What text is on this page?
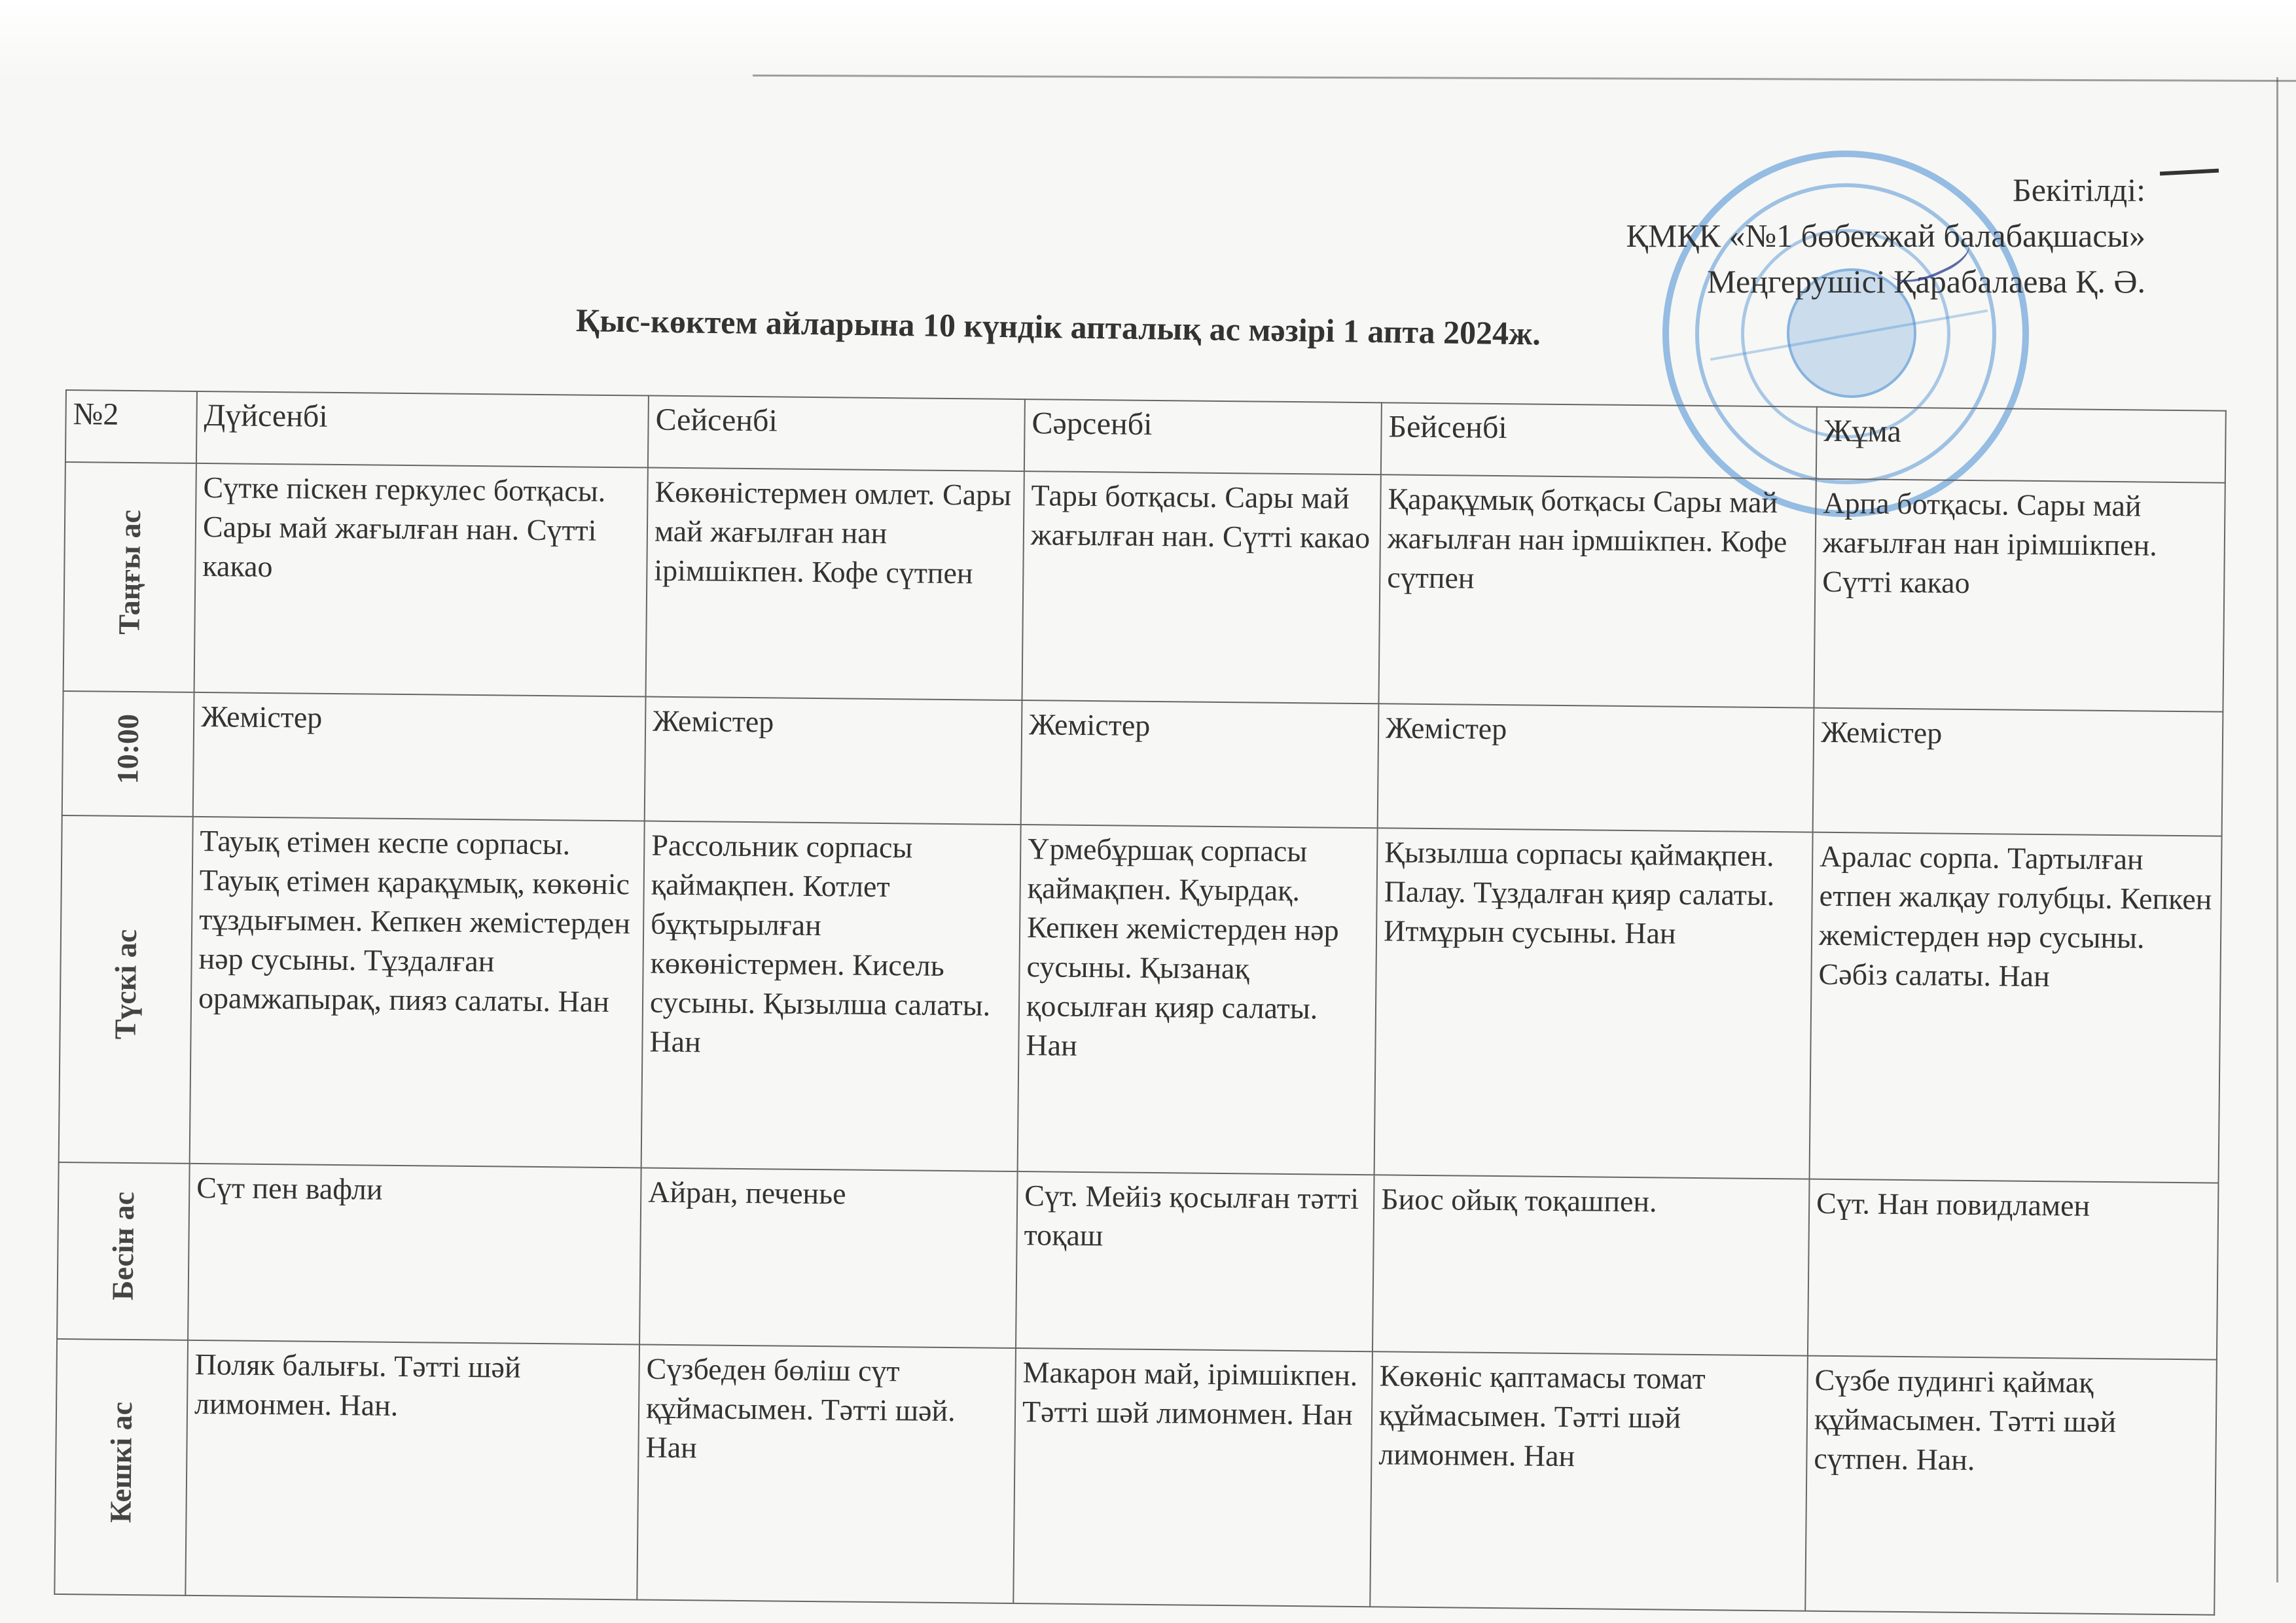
Бекітілді:
ҚМҚК «№1 бөбекжай балабақшасы»
Меңгерушісі Қарабалаева Қ. Ә.
Қыс-көктем айларына 10 күндік апталық ас мәзірі 1 апта 2024ж.
№2	Дүйсенбі	Сейсенбі	Сәрсенбі	Бейсенбі	Жұма
Таңғы ас	Сүтке піскен геркулес ботқасы. Сары май жағылған нан. Сүтті какао	Көкөністермен омлет. Сары май жағылған нан ірімшікпен. Кофе сүтпен	Тары ботқасы. Сары май жағылған нан. Сүтті какао	Қарақұмық ботқасы Сары май жағылған нан ірмшікпен. Кофе сүтпен	Арпа ботқасы. Сары май жағылған нан ірімшікпен. Сүтті какао
10:00	Жемістер	Жемістер	Жемістер	Жемістер	Жемістер
Түскі ас	Тауық етімен кеспе сорпасы. Тауық етімен қарақұмық, көкөніс тұздығымен. Кепкен жемістерден нәр сусыны. Тұздалған орамжапырақ, пияз салаты. Нан	Рассольник сорпасы қаймақпен. Котлет бұқтырылған көкөністермен. Кисель сусыны. Қызылша салаты. Нан	Үрмебұршақ сорпасы қаймақпен. Қуырдақ. Кепкен жемістерден нәр сусыны. Қызанақ қосылған қияр салаты. Нан	Қызылша сорпасы қаймақпен. Палау. Тұздалған қияр салаты. Итмұрын сусыны. Нан	Аралас сорпа. Тартылған етпен жалқау голубцы. Кепкен жемістерден нәр сусыны. Сәбіз салаты. Нан
Бесін ас	Сүт пен вафли	Айран, печенье	Сүт. Мейіз қосылған тәтті тоқаш	Биос ойық тоқашпен.	Сүт. Нан повидламен
Кешкі ас	Поляк балығы. Тәтті шәй лимонмен. Нан.	Сүзбеден бөліш сүт құймасымен. Тәтті шәй. Нан	Макарон май, ірімшікпен. Тәтті шәй лимонмен. Нан	Көкөніс қаптамасы томат құймасымен. Тәтті шәй лимонмен. Нан	Сүзбе пудингі қаймақ құймасымен. Тәтті шәй сүтпен. Нан.
